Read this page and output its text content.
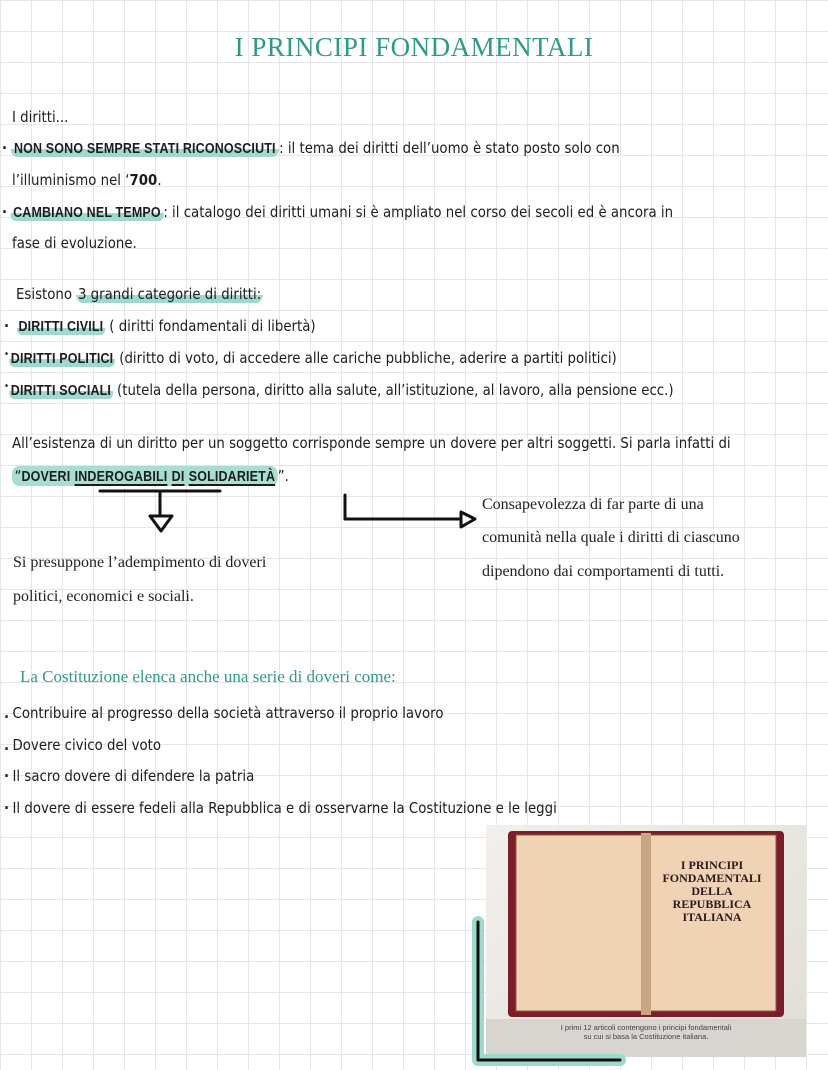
I PRINCIPI FONDAMENTALI
I diritti...
· NON SONO SEMPRE STATI RICONOSCIUTI : il tema dei diritti dell’uomo è stato posto solo con
l’illuminismo nel ‘700.
· CAMBIANO NEL TEMPO : il catalogo dei diritti umani si è ampliato nel corso dei secoli ed è ancora in
fase di evoluzione.
Esistono 3 grandi categorie di diritti:
· DIRITTI CIVILI ( diritti fondamentali di libertà)
• DIRITTI POLITICI (diritto di voto, di accedere alle cariche pubbliche, aderire a partiti politici)
• DIRITTI SOCIALI (tutela della persona, diritto alla salute, all’istituzione, al lavoro, alla pensione ecc.)
All’esistenza di un diritto per un soggetto corrisponde sempre un dovere per altri soggetti. Si parla infatti di
“DOVERI INDEROGABILI DI SOLIDARIETÀ ”.
Consapevolezza di far parte di una
comunità nella quale i diritti di ciascuno
dipendono dai comportamenti di tutti.
Si presuppone l’adempimento di doveri
politici, economici e sociali.
La Costituzione elenca anche una serie di doveri come:
. Contribuire al progresso della società attraverso il proprio lavoro
. Dovere civico del voto
· Il sacro dovere di difendere la patria
· Il dovere di essere fedeli alla Repubblica e di osservarne la Costituzione e le leggi
I PRINCIPI
FONDAMENTALI
DELLA
REPUBBLICA
ITALIANA
I primi 12 articoli contengono i principi fondamentali
su cui si basa la Costituzione italiana.
